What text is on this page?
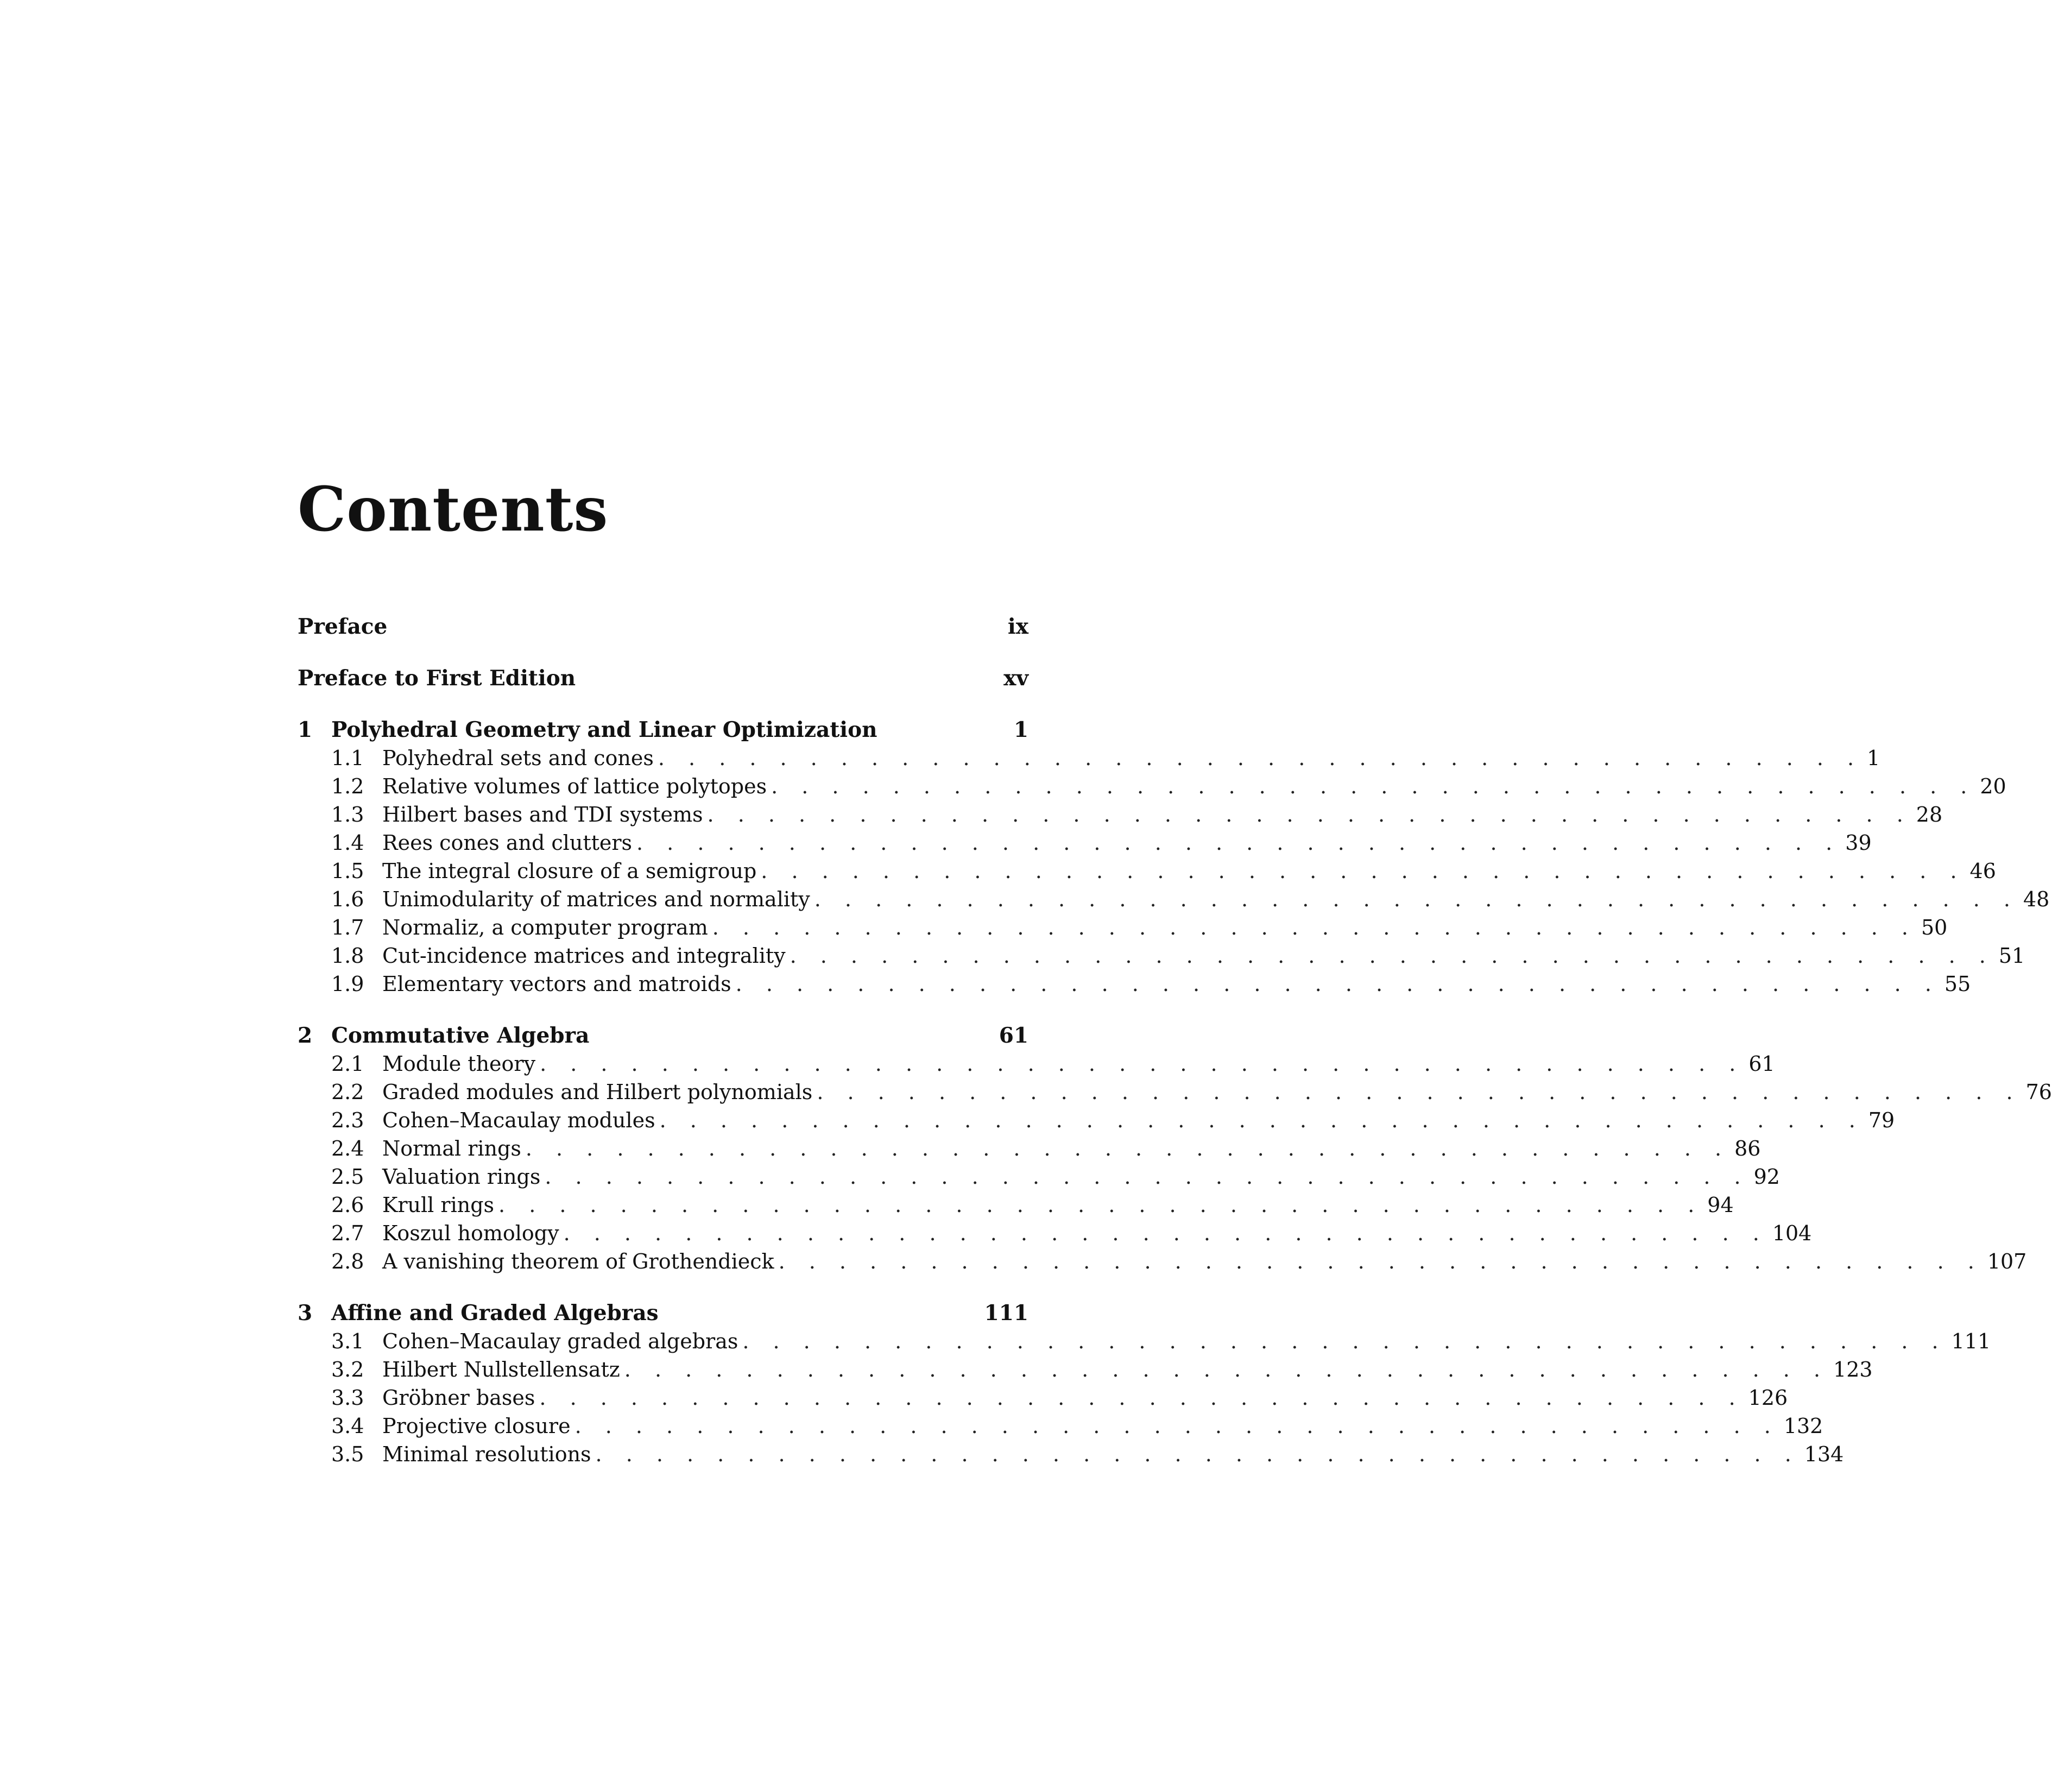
Contents
Preface	ix
Preface to First Edition	xv
1 Polyhedral Geometry and Linear Optimization	1
1.1 Polyhedral sets and cones . . . . . . . . . . . . . . . . . . . . . . . . . . . . . . . . . . . . . . . . 1
1.2 Relative volumes of lattice polytopes . . . . . . . . . . . . . . . . . . . . . . . . . . . . . . . . . . . . . . . . 20
1.3 Hilbert bases and TDI systems . . . . . . . . . . . . . . . . . . . . . . . . . . . . . . . . . . . . . . . . 28
1.4 Rees cones and clutters . . . . . . . . . . . . . . . . . . . . . . . . . . . . . . . . . . . . . . . . 39
1.5 The integral closure of a semigroup . . . . . . . . . . . . . . . . . . . . . . . . . . . . . . . . . . . . . . . . 46
1.6 Unimodularity of matrices and normality . . . . . . . . . . . . . . . . . . . . . . . . . . . . . . . . . . . . . . . . 48
1.7 Normaliz, a computer program . . . . . . . . . . . . . . . . . . . . . . . . . . . . . . . . . . . . . . . . 50
1.8 Cut-incidence matrices and integrality . . . . . . . . . . . . . . . . . . . . . . . . . . . . . . . . . . . . . . . . 51
1.9 Elementary vectors and matroids . . . . . . . . . . . . . . . . . . . . . . . . . . . . . . . . . . . . . . . . 55
2 Commutative Algebra	61
2.1 Module theory . . . . . . . . . . . . . . . . . . . . . . . . . . . . . . . . . . . . . . . . 61
2.2 Graded modules and Hilbert polynomials . . . . . . . . . . . . . . . . . . . . . . . . . . . . . . . . . . . . . . . . 76
2.3 Cohen–Macaulay modules . . . . . . . . . . . . . . . . . . . . . . . . . . . . . . . . . . . . . . . . 79
2.4 Normal rings . . . . . . . . . . . . . . . . . . . . . . . . . . . . . . . . . . . . . . . . 86
2.5 Valuation rings . . . . . . . . . . . . . . . . . . . . . . . . . . . . . . . . . . . . . . . . 92
2.6 Krull rings . . . . . . . . . . . . . . . . . . . . . . . . . . . . . . . . . . . . . . . . 94
2.7 Koszul homology . . . . . . . . . . . . . . . . . . . . . . . . . . . . . . . . . . . . . . . . 104
2.8 A vanishing theorem of Grothendieck . . . . . . . . . . . . . . . . . . . . . . . . . . . . . . . . . . . . . . . . 107
3 Affine and Graded Algebras	111
3.1 Cohen–Macaulay graded algebras . . . . . . . . . . . . . . . . . . . . . . . . . . . . . . . . . . . . . . . . 111
3.2 Hilbert Nullstellensatz . . . . . . . . . . . . . . . . . . . . . . . . . . . . . . . . . . . . . . . . 123
3.3 Gröbner bases . . . . . . . . . . . . . . . . . . . . . . . . . . . . . . . . . . . . . . . . 126
3.4 Projective closure . . . . . . . . . . . . . . . . . . . . . . . . . . . . . . . . . . . . . . . . 132
3.5 Minimal resolutions . . . . . . . . . . . . . . . . . . . . . . . . . . . . . . . . . . . . . . . . 134
